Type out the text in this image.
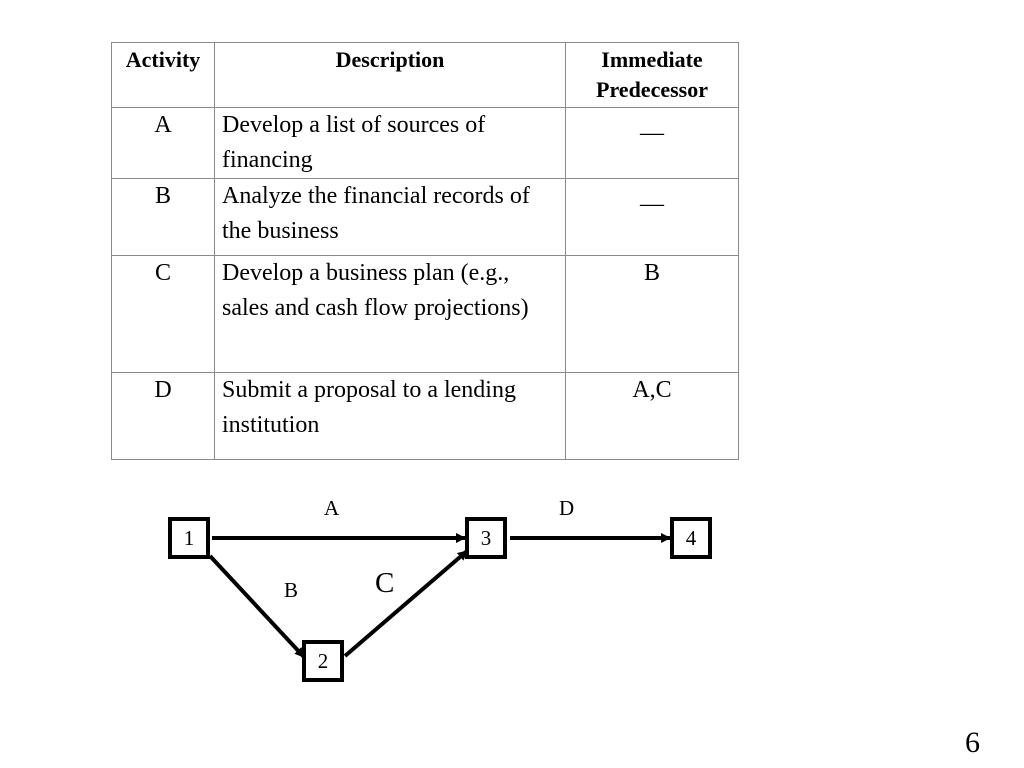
Activity	Description	Immediate Predecessor
A	Develop a list of sources of financing	__
B	Analyze the financial records of the business	__
C	Develop a business plan (e.g., sales and cash flow projections)	B
D	Submit a proposal to a lending institution	A,C
1
2
3	4
A
B	C
D
6
